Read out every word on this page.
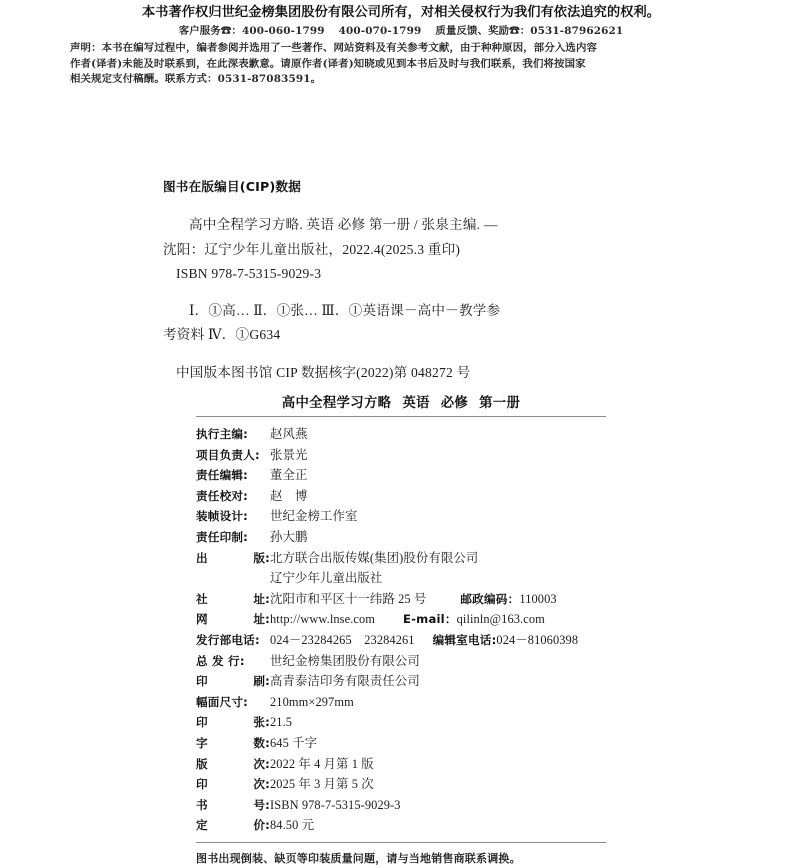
本书著作权归世纪金榜集团股份有限公司所有，对相关侵权行为我们有依法追究的权利。
客户服务☎：400-060-1799 400-070-1799 质量反馈、奖励☎：0531-87962621
声明：本书在编写过程中，编者参阅并选用了一些著作、网站资料及有关参考文献，由于种种原因，部分入选内容
作者(译者)未能及时联系到，在此深表歉意。请原作者(译者)知晓或见到本书后及时与我们联系，我们将按国家
相关规定支付稿酬。联系方式：0531-87083591。
图书在版编目(CIP)数据
高中全程学习方略. 英语 必修 第一册 / 张泉主编. —
沈阳：辽宁少年儿童出版社，2022.4(2025.3 重印)
ISBN 978-7-5315-9029-3
Ⅰ．①高… Ⅱ．①张… Ⅲ．①英语课－高中－教学参
考资料 Ⅳ．①G634
中国版本图书馆 CIP 数据核字(2022)第 048272 号
高中全程学习方略 英语 必修 第一册
执行主编:	赵风燕
项目负责人: 张景光
责任编辑:	董全正
责任校对:	赵　博
装帧设计:	世纪金榜工作室
责任印制:	孙大鹏
出	版: 北方联合出版传媒(集团)股份有限公司
辽宁少年儿童出版社
社	址: 沈阳市和平区十一纬路 25 号	邮政编码： 110003
网	址: http://www.lnse.com E-mail： qilinln@163.com
发行部电话: 024－23284265　23284261 编辑室电话: 024－81060398
总 发 行:	世纪金榜集团股份有限公司
印	刷: 高青泰洁印务有限责任公司
幅面尺寸:	210mm×297mm
印	张: 21.5
字	数: 645 千字
版	次: 2022 年 4 月第 1 版
印	次: 2025 年 3 月第 5 次
书	号: ISBN 978-7-5315-9029-3
定	价: 84.50 元
图书出现倒装、缺页等印装质量问题，请与当地销售商联系调换。
